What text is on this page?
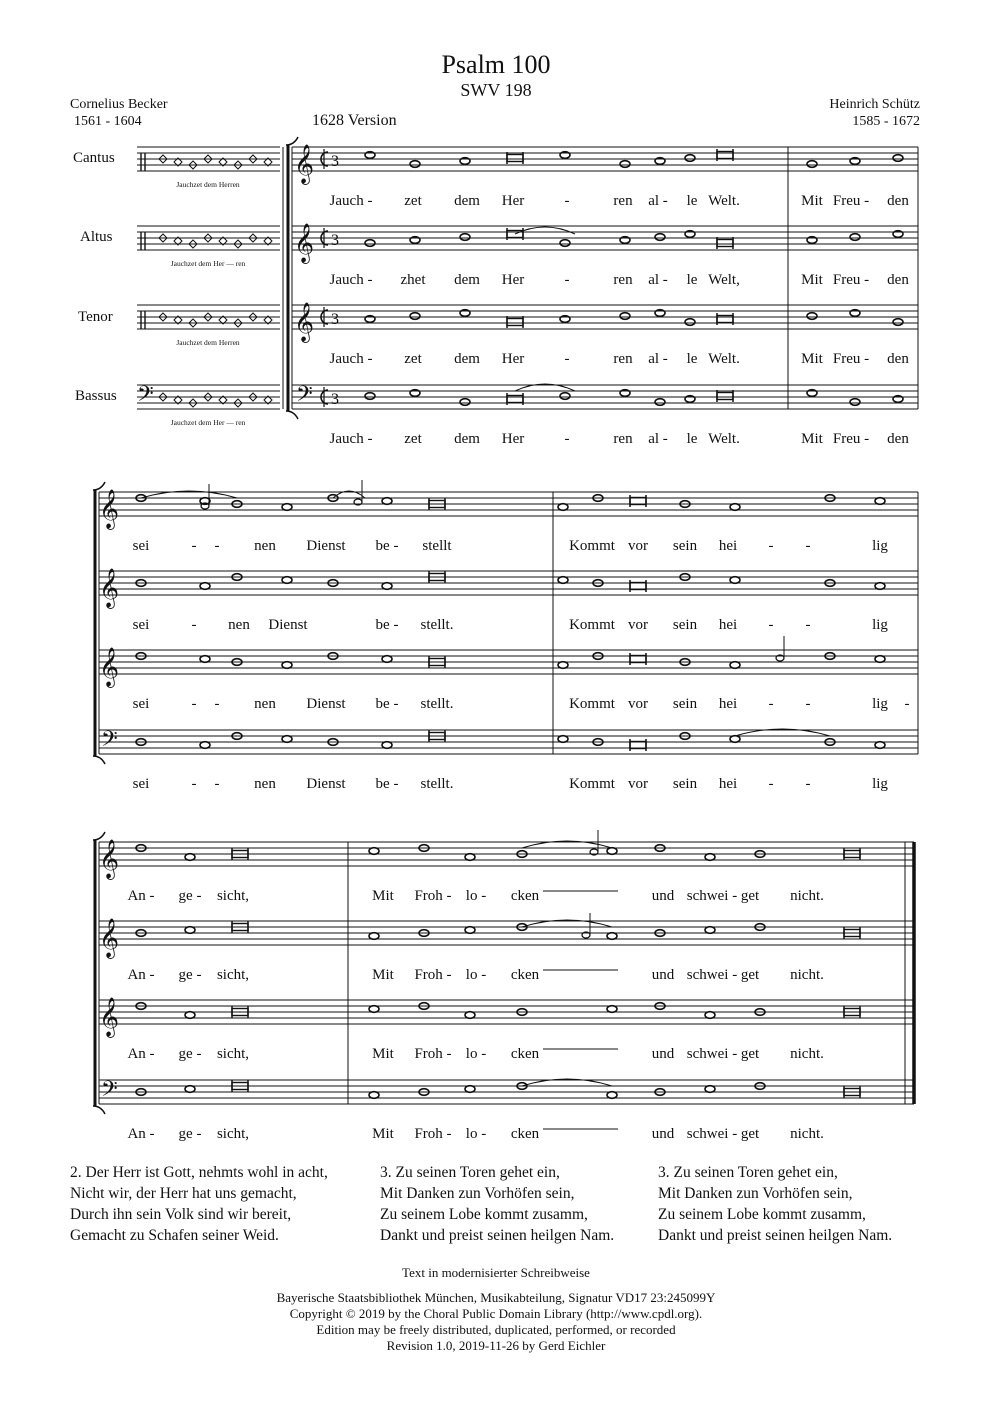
Psalm 100
SWV 198
Cornelius Becker
1561 - 1604
Heinrich Schütz
1585 - 1672
1628 Version
Cantus
Altus
Tenor
Bassus
Jauchzet dem Herren
Jauchzet dem Her — ren
Jauchzet dem Herren
𝄢
Jauchzet dem Her — ren
𝄞 3
Jauch - zet dem Her	-	ren al - le Welt.	Mit Freu - den
𝄞 3
Jauch - zhet dem Her	-	ren al - le Welt,	Mit Freu - den
𝄞 3
Jauch - zet dem Her	-	ren al - le Welt.	Mit Freu - den
𝄢 3
Jauch - zet dem Her	-	ren al - le Welt.	Mit Freu - den
𝄞
sei	- - nen Dienst be - stellt	Kommt vor sein hei - -	lig
𝄞
sei	- nen Dienst	be - stellt.	Kommt vor sein hei - -	lig
𝄞
sei	- - nen Dienst be - stellt.	Kommt vor sein hei - -	lig -
𝄢
sei	- - nen Dienst be - stellt.	Kommt vor sein hei - -	lig
𝄞
An - ge - sicht,	Mit Froh - lo - cken	und schwei - get nicht.
𝄞
An - ge - sicht,	Mit Froh - lo - cken	und schwei - get nicht.
𝄞
An - ge - sicht,	Mit Froh - lo - cken	und schwei - get nicht.
𝄢
An - ge - sicht,	Mit Froh - lo - cken	und schwei - get nicht.
2. Der Herr ist Gott, nehmts wohl in acht,
Nicht wir, der Herr hat uns gemacht,
Durch ihn sein Volk sind wir bereit,
Gemacht zu Schafen seiner Weid.
3. Zu seinen Toren gehet ein,
Mit Danken zun Vorhöfen sein,
Zu seinem Lobe kommt zusamm,
Dankt und preist seinen heilgen Nam.
3. Zu seinen Toren gehet ein,
Mit Danken zun Vorhöfen sein,
Zu seinem Lobe kommt zusamm,
Dankt und preist seinen heilgen Nam.
Text in modernisierter Schreibweise
Bayerische Staatsbibliothek München, Musikabteilung, Signatur VD17 23:245099Y
Copyright © 2019 by the Choral Public Domain Library (http://www.cpdl.org).
Edition may be freely distributed, duplicated, performed, or recorded
Revision 1.0, 2019-11-26 by Gerd Eichler
